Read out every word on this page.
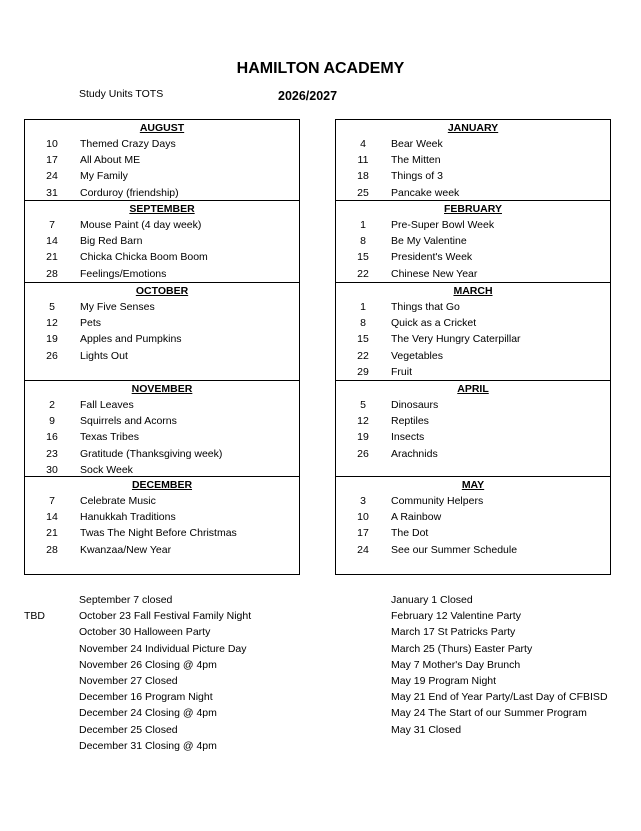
HAMILTON ACADEMY
Study Units TOTS	2026/2027
AUGUST
10	Themed Crazy Days
17	All About ME
24	My Family
31	Corduroy (friendship)
SEPTEMBER
7	Mouse Paint (4 day week)
14	Big Red Barn
21	Chicka Chicka Boom Boom
28	Feelings/Emotions
OCTOBER
5	My Five Senses
12	Pets
19	Apples and Pumpkins
26	Lights Out
NOVEMBER
2	Fall Leaves
9	Squirrels and Acorns
16	Texas Tribes
23	Gratitude (Thanksgiving week)
30	Sock Week
DECEMBER
7	Celebrate Music
14	Hanukkah Traditions
21	Twas The Night Before Christmas
28	Kwanzaa/New Year
JANUARY
4	Bear Week
11	The Mitten
18	Things of 3
25	Pancake week
FEBRUARY
1	Pre-Super Bowl Week
8	Be My Valentine
15	President's Week
22	Chinese New Year
MARCH
1	Things that Go
8	Quick as a Cricket
15	The Very Hungry Caterpillar
22	Vegetables
29	Fruit
APRIL
5	Dinosaurs
12	Reptiles
19	Insects
26	Arachnids
MAY
3	Community Helpers
10	A Rainbow
17	The Dot
24	See our Summer Schedule
September 7 closed
TBD	October 23 Fall Festival Family Night
October 30 Halloween Party
November 24 Individual Picture Day
November 26 Closing @ 4pm
November 27 Closed
December 16 Program Night
December 24 Closing @ 4pm
December 25 Closed
December 31 Closing @ 4pm
January 1 Closed
February 12 Valentine Party
March 17 St Patricks Party
March 25 (Thurs) Easter Party
May 7 Mother's Day Brunch
May 19 Program Night
May 21 End of Year Party/Last Day of CFBISD
May 24 The Start of our Summer Program
May 31 Closed
